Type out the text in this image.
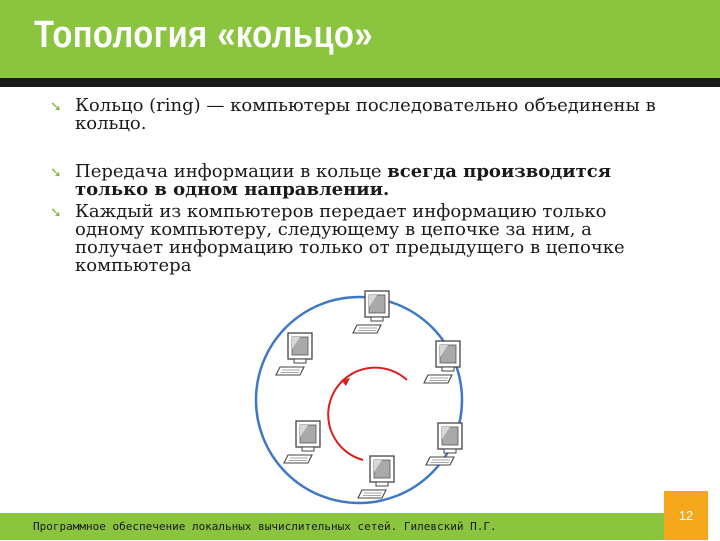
Топология «кольцо»
➘ Кольцо (ring) — компьютеры последовательно объединены в кольцо.
➘ Передача информации в кольце всегда производится только в одном направлении.
➘ Каждый из компьютеров передает информацию только одному компьютеру, следующему в цепочке за ним, а получает информацию только от предыдущего в цепочке компьютера
Программное обеспечение локальных вычислительных сетей. Гилевский П.Г.
12
